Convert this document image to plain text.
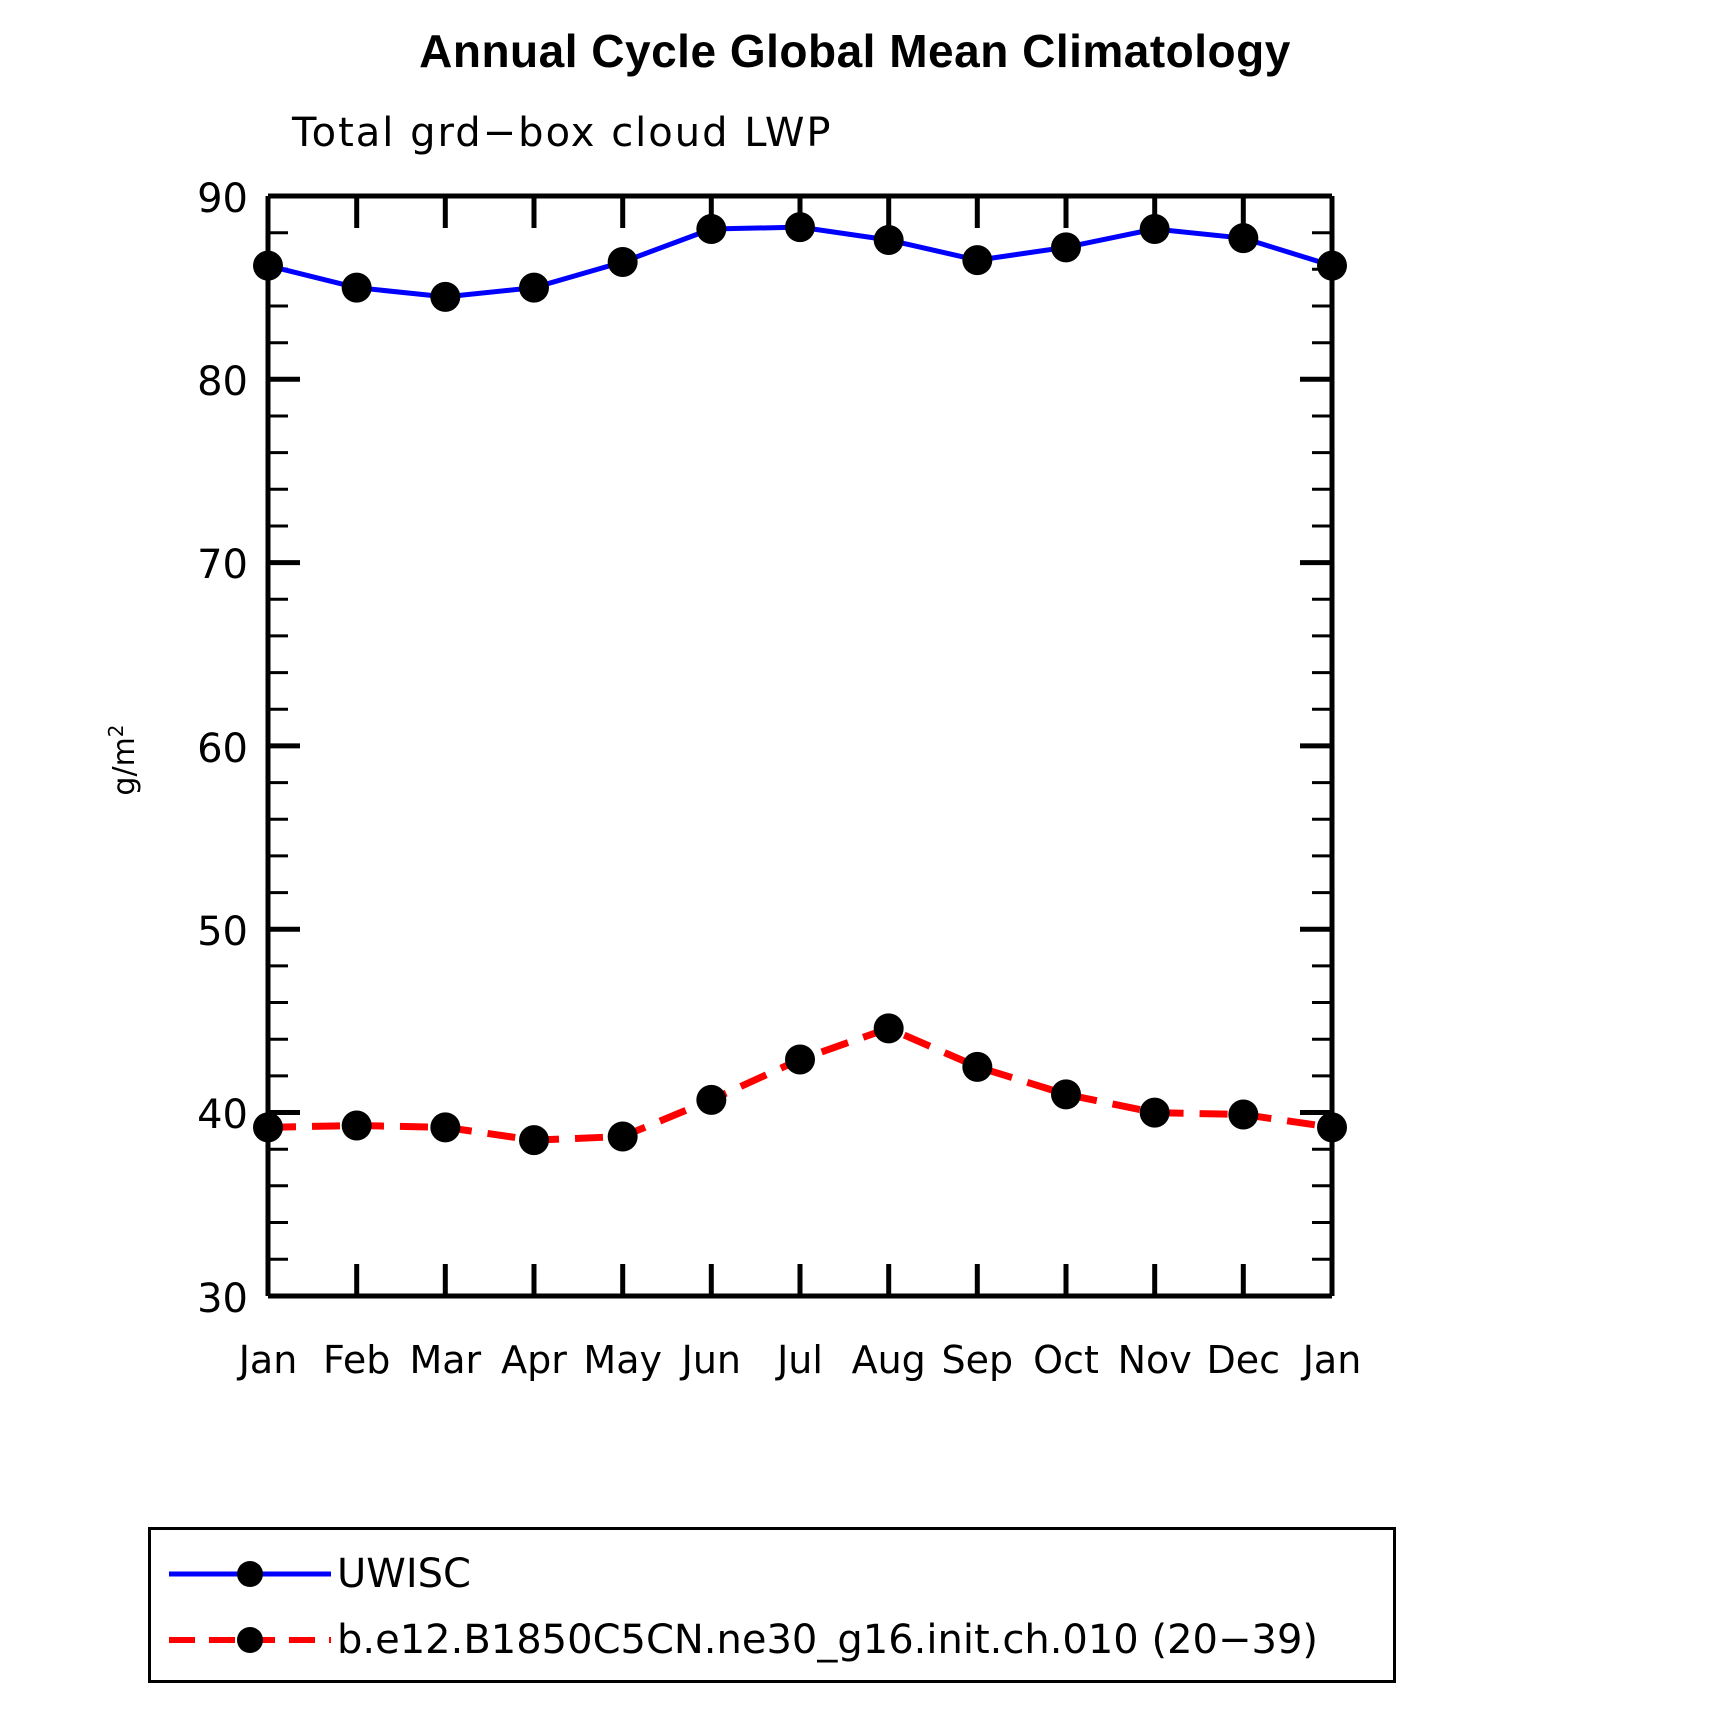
Annual Cycle Global Mean Climatology
Total grd−box cloud LWP
$g/m^2$
90
80
70
60
50
40
30
Jan Feb Mar Apr May Jun Jul Aug Sep Oct Nov Dec Jan
UWISC
b.e12.B1850C5CN.ne30_g16.init.ch.010 (20−39)
